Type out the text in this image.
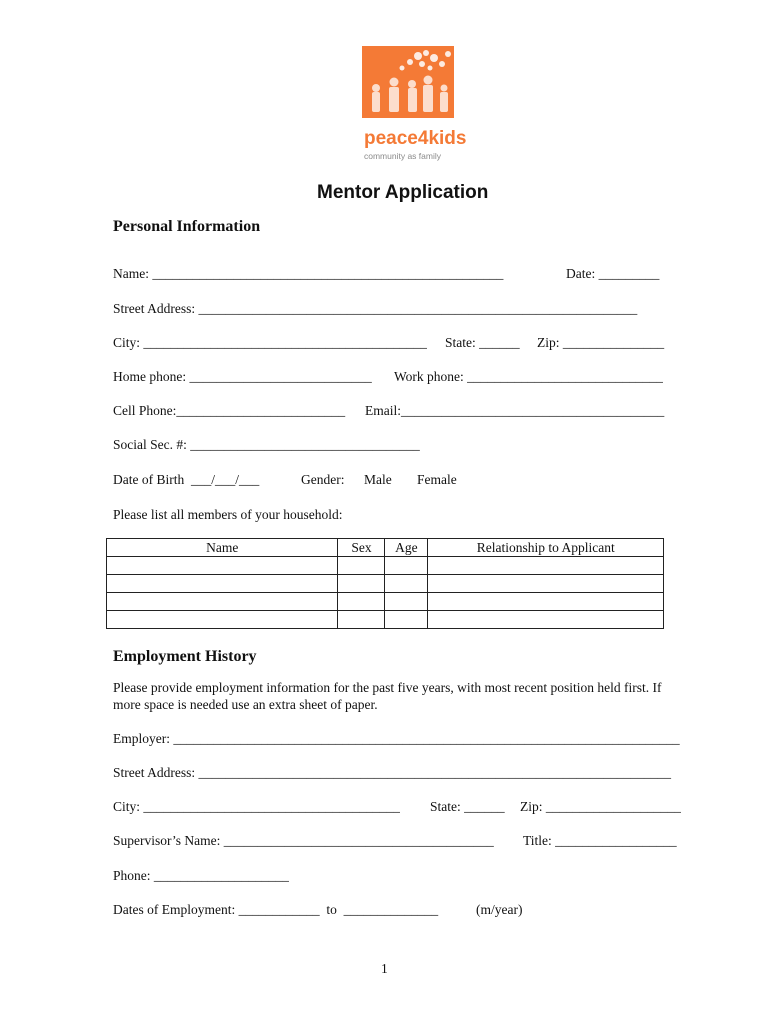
peace4kids
community as family
Mentor Application
Personal Information
Name: ____________________________________________________	Date: _________
Street Address: _________________________________________________________________
City: __________________________________________ State: ______ Zip: _______________
Home phone: ___________________________ Work phone: _____________________________
Cell Phone:_________________________ Email:_______________________________________
Social Sec. #: __________________________________
Date of Birth  ___/___/___	Gender: Male Female
Please list all members of your household:
Name	Sex	Age	Relationship to Applicant

Employment History
Please provide employment information for the past five years, with most recent position held first. If
more space is needed use an extra sheet of paper.
Employer: ___________________________________________________________________________
Street Address: ______________________________________________________________________
City: ______________________________________ State: ______ Zip: ____________________
Supervisor’s Name: ________________________________________ Title: __________________
Phone: ____________________
Dates of Employment: ____________  to  ______________	(m/year)
1
